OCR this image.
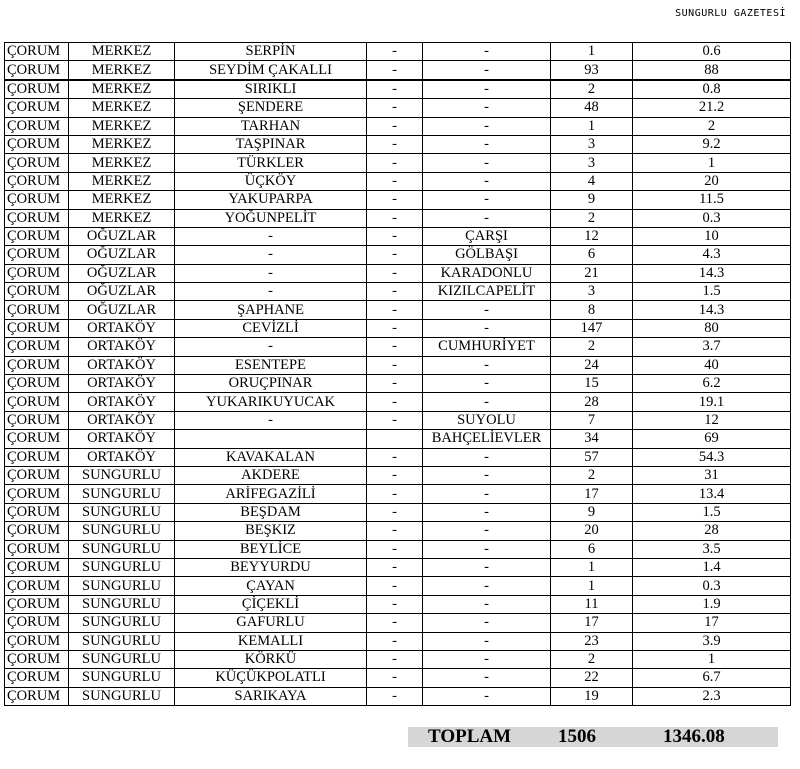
SUNGURLU GAZETESİ
ÇORUM	MERKEZ	SERPİN	-	-	1	0.6
ÇORUM	MERKEZ	SEYDİM ÇAKALLI	-	-	93	88
ÇORUM	MERKEZ	SIRIKLI	-	-	2	0.8
ÇORUM	MERKEZ	ŞENDERE	-	-	48	21.2
ÇORUM	MERKEZ	TARHAN	-	-	1	2
ÇORUM	MERKEZ	TAŞPINAR	-	-	3	9.2
ÇORUM	MERKEZ	TÜRKLER	-	-	3	1
ÇORUM	MERKEZ	ÜÇKÖY	-	-	4	20
ÇORUM	MERKEZ	YAKUPARPA	-	-	9	11.5
ÇORUM	MERKEZ	YOĞUNPELİT	-	-	2	0.3
ÇORUM	OĞUZLAR	-	-	ÇARŞI	12	10
ÇORUM	OĞUZLAR	-	-	GÖLBAŞI	6	4.3
ÇORUM	OĞUZLAR	-	-	KARADONLU	21	14.3
ÇORUM	OĞUZLAR	-	-	KIZILCAPELİT	3	1.5
ÇORUM	OĞUZLAR	ŞAPHANE	-	-	8	14.3
ÇORUM	ORTAKÖY	CEVİZLİ	-	-	147	80
ÇORUM	ORTAKÖY	-	-	CUMHURİYET	2	3.7
ÇORUM	ORTAKÖY	ESENTEPE	-	-	24	40
ÇORUM	ORTAKÖY	ORUÇPINAR	-	-	15	6.2
ÇORUM	ORTAKÖY	YUKARIKUYUCAK	-	-	28	19.1
ÇORUM	ORTAKÖY	-	-	SUYOLU	7	12
ÇORUM	ORTAKÖY			BAHÇELİEVLER	34	69
ÇORUM	ORTAKÖY	KAVAKALAN	-	-	57	54.3
ÇORUM	SUNGURLU	AKDERE	-	-	2	31
ÇORUM	SUNGURLU	ARİFEGAZİLİ	-	-	17	13.4
ÇORUM	SUNGURLU	BEŞDAM	-	-	9	1.5
ÇORUM	SUNGURLU	BEŞKIZ	-	-	20	28
ÇORUM	SUNGURLU	BEYLİCE	-	-	6	3.5
ÇORUM	SUNGURLU	BEYYURDU	-	-	1	1.4
ÇORUM	SUNGURLU	ÇAYAN	-	-	1	0.3
ÇORUM	SUNGURLU	ÇİÇEKLİ	-	-	11	1.9
ÇORUM	SUNGURLU	GAFURLU	-	-	17	17
ÇORUM	SUNGURLU	KEMALLI	-	-	23	3.9
ÇORUM	SUNGURLU	KÖRKÜ	-	-	2	1
ÇORUM	SUNGURLU	KÜÇÜKPOLATLI	-	-	22	6.7
ÇORUM	SUNGURLU	SARIKAYA	-	-	19	2.3
TOPLAM 1506	1346.08
